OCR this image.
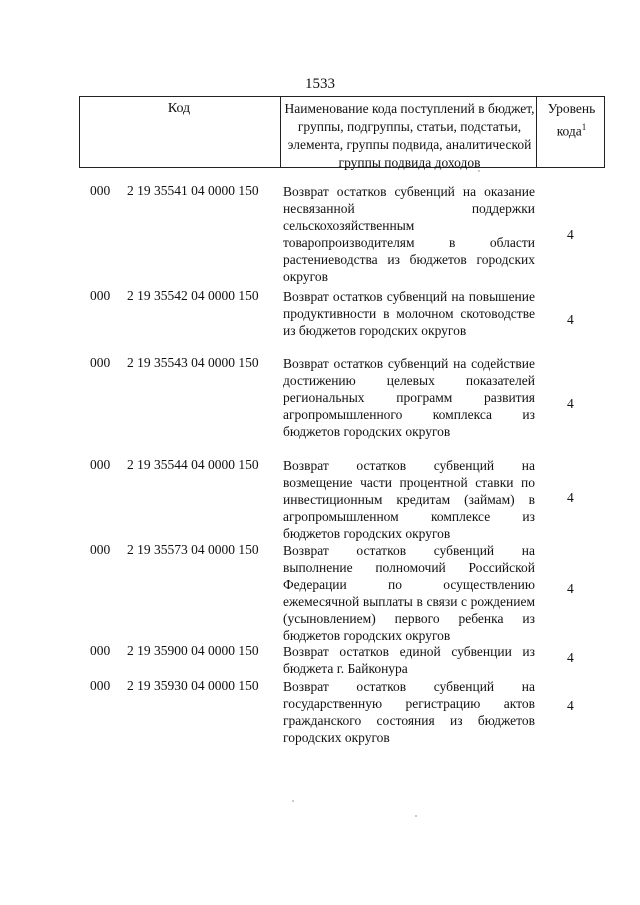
1533
Код	Наименование кода поступлений в бюджет, группы, подгруппы, статьи, подстатьи, элемента, группы подвида, аналитической группы подвида доходов
Уровень кода$^1$
000 2 19 35541 04 0000 150 Возврат остатков субвенций на оказание несвязанной поддержки сельскохозяйственным товаропроизводителям в области растениеводства из бюджетов городских округов
4
000 2 19 35542 04 0000 150 Возврат остатков субвенций на повышение продуктивности в молочном скотоводстве из бюджетов городских округов
4
000 2 19 35543 04 0000 150 Возврат остатков субвенций на содействие достижению целевых показателей региональных программ развития агропромышленного комплекса из бюджетов городских округов
4
000 2 19 35544 04 0000 150 Возврат остатков субвенций на возмещение части процентной ставки по инвестиционным кредитам (займам) в агропромышленном комплексе из бюджетов городских округов
4
000 2 19 35573 04 0000 150 Возврат остатков субвенций на выполнение полномочий Российской Федерации по осуществлению ежемесячной выплаты в связи с рождением (усыновлением) первого ребенка из бюджетов городских округов
4
000 2 19 35900 04 0000 150 Возврат остатков единой субвенции из бюджета г. Байконура
4
000 2 19 35930 04 0000 150 Возврат остатков субвенций на государственную регистрацию актов гражданского состояния из бюджетов городских округов
4
